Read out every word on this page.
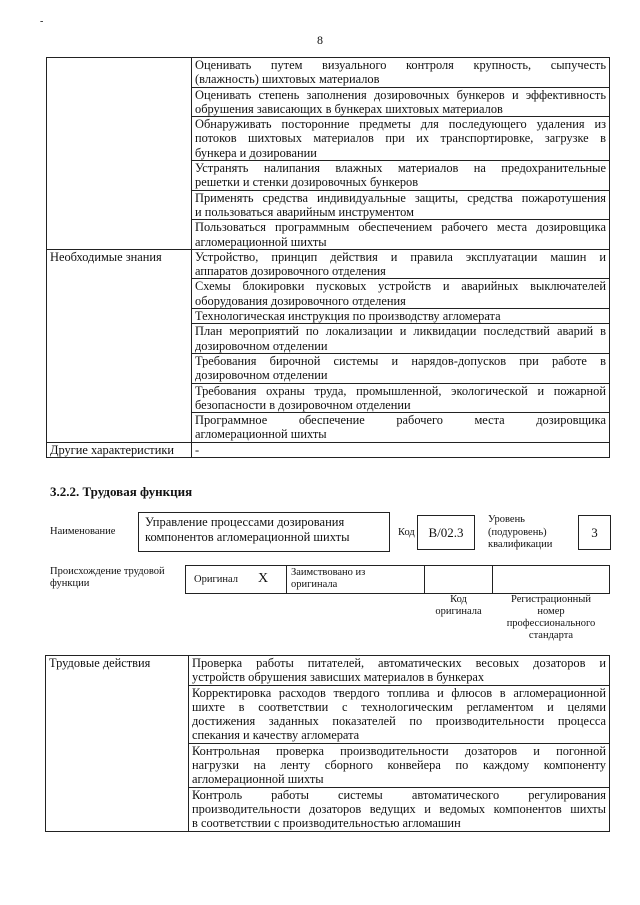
-
8

	Оценивать путем визуального контроля крупность, сыпучесть
(влажность) шихтовых материалов

	Оценивать степень заполнения дозировочных бункеров и эффективность
обрушения зависающих в бункерах шихтовых материалов

	Обнаруживать посторонние предметы для последующего удаления из
потоков шихтовых материалов при их транспортировке, загрузке в
бункера и дозировании

	Устранять налипания влажных материалов на предохранительные
решетки и стенки дозировочных бункеров

	Применять средства индивидуальные защиты, средства пожаротушения
и пользоваться аварийным инструментом

	Пользоваться программным обеспечением рабочего места дозировщика
агломерационной шихты

Необходимые знания	Устройство, принцип действия и правила эксплуатации машин и
аппаратов дозировочного отделения

	Схемы блокировки пусковых устройств и аварийных выключателей
оборудования дозировочного отделения

	Технологическая инструкция по производству агломерата

	План мероприятий по локализации и ликвидации последствий аварий в
дозировочном отделении

	Требования бирочной системы и нарядов-допусков при работе в
дозировочном отделении

	Требования охраны труда, промышленной, экологической и пожарной
безопасности в дозировочном отделении

	Программное обеспечение рабочего места дозировщика
агломерационной шихты

Другие характеристики	-
3.2.2. Трудовая функция
Наименование
Управление процессами дозирования
компонентов агломерационной шихты	Код	В/02.3
Уровень
(подуровень)
квалификации
3
Происхождение трудовой
функции	Оригинал X Заимствовано из
оригинала
Код
оригинала
Регистрационный
номер
профессионального
стандарта
Трудовые действия	Проверка работы питателей, автоматических весовых дозаторов и
устройств обрушения зависших материалов в бункерах

Корректировка расходов твердого топлива и флюсов в агломерационной
шихте в соответствии с технологическим регламентом и целями
достижения заданных показателей по производительности процесса
спекания и качеству агломерата

Контрольная проверка производительности дозаторов и погонной
нагрузки на ленту сборного конвейера по каждому компоненту
агломерационной шихты

Контроль работы системы автоматического регулирования
производительности дозаторов ведущих и ведомых компонентов шихты
в соответствии с производительностью агломашин
